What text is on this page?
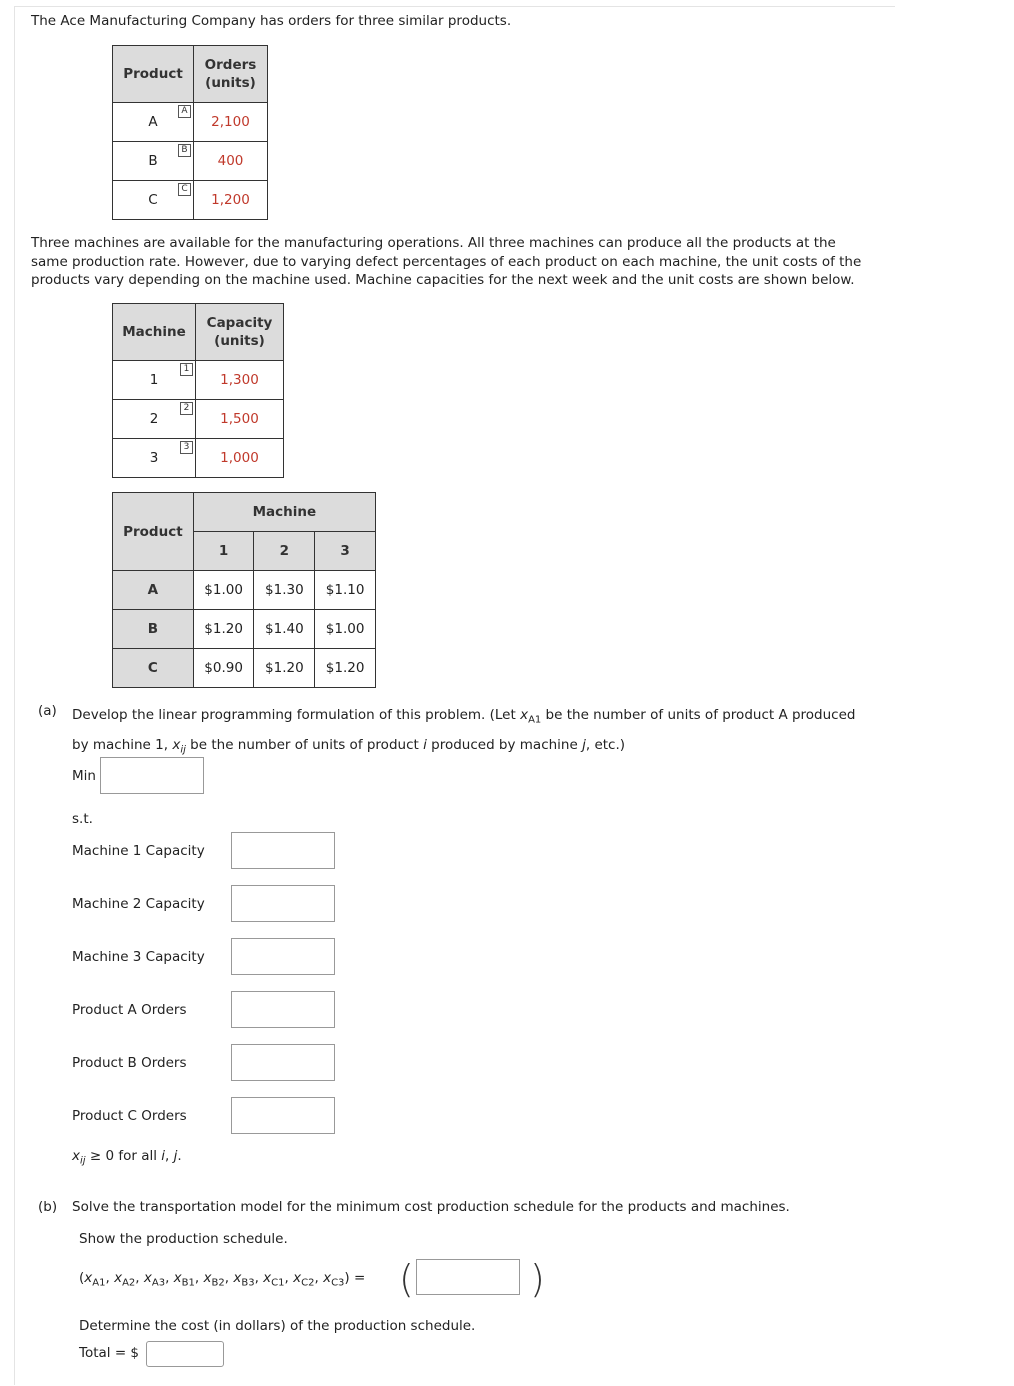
The Ace Manufacturing Company has orders for three similar products.
Product	Orders
(units)
A
A	2,100
B
B	400
C
C	1,200

Three machines are available for the manufacturing operations. All three machines can produce all the products at the same production rate. However, due to varying defect percentages of each product on each machine, the unit costs of the products vary depending on the machine used. Machine capacities for the next week and the unit costs are shown below.

Machine	Capacity
(units)
1
1	1,300
2
2	1,500
3
3	1,000
Product	Machine		
	1	2	3
A	$1.00	$1.30	$1.10
B	$1.20	$1.40	$1.00
C	$0.90	$1.20	$1.20
(a) Develop the linear programming formulation of this problem. (Let $x_{A1}$ be the number of units of product A produced
by machine 1, $x_{ij}$ be the number of units of product i produced by machine j, etc.)
Min
s.t.
Machine 1 Capacity
Machine 2 Capacity
Machine 3 Capacity
Product A Orders
Product B Orders
Product C Orders
$x_{ij} \ge 0$ for all i, j.
(b) Solve the transportation model for the minimum cost production schedule for the products and machines.
Show the production schedule.
($x_{A1}$, $x_{A2}$, $x_{A3}$, $x_{B1}$, $x_{B2}$, $x_{B3}$, $x_{C1}$, $x_{C2}$, $x_{C3}$) = (	)
Determine the cost (in dollars) of the production schedule.
Total = $
